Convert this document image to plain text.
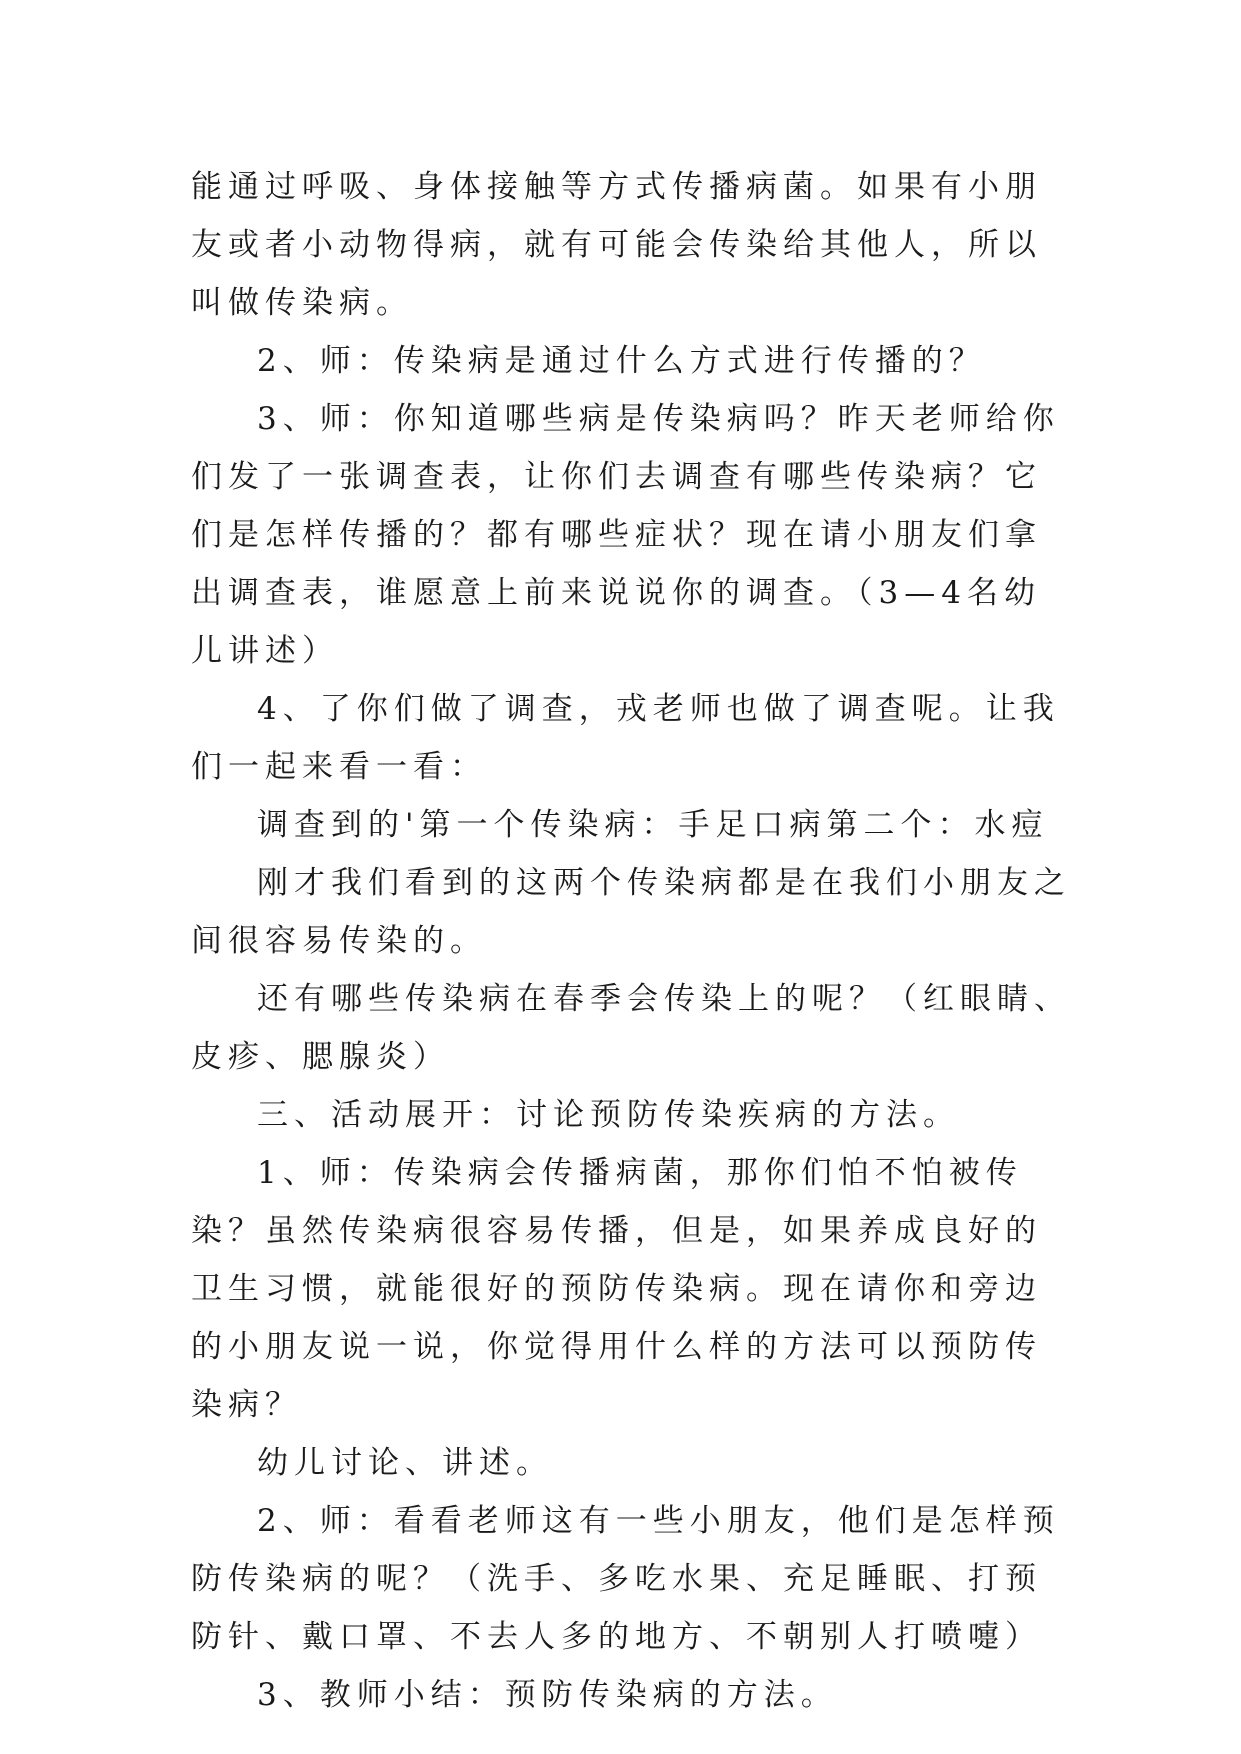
能通过呼吸、身体接触等方式传播病菌。如果有小朋友或者小动物得病，就有可能会传染给其他人，所以叫做传染病。

2、师：传染病是通过什么方式进行传播的？

3、师：你知道哪些病是传染病吗？昨天老师给你们发了一张调查表，让你们去调查有哪些传染病？它们是怎样传播的？都有哪些症状？现在请小朋友们拿出调查表，谁愿意上前来说说你的调查。（3—4名幼儿讲述）

4、了你们做了调查，戎老师也做了调查呢。让我们一起来看一看：

调查到的'第一个传染病：手足口病第二个：水痘

刚才我们看到的这两个传染病都是在我们小朋友之间很容易传染的。

还有哪些传染病在春季会传染上的呢？（红眼睛、皮疹、腮腺炎）

三、活动展开：讨论预防传染疾病的方法。

1、师：传染病会传播病菌，那你们怕不怕被传染？虽然传染病很容易传播，但是，如果养成良好的卫生习惯，就能很好的预防传染病。现在请你和旁边的小朋友说一说，你觉得用什么样的方法可以预防传染病？

幼儿讨论、讲述。

2、师：看看老师这有一些小朋友，他们是怎样预防传染病的呢？（洗手、多吃水果、充足睡眠、打预防针、戴口罩、不去人多的地方、不朝别人打喷嚏）

3、教师小结：预防传染病的方法。
